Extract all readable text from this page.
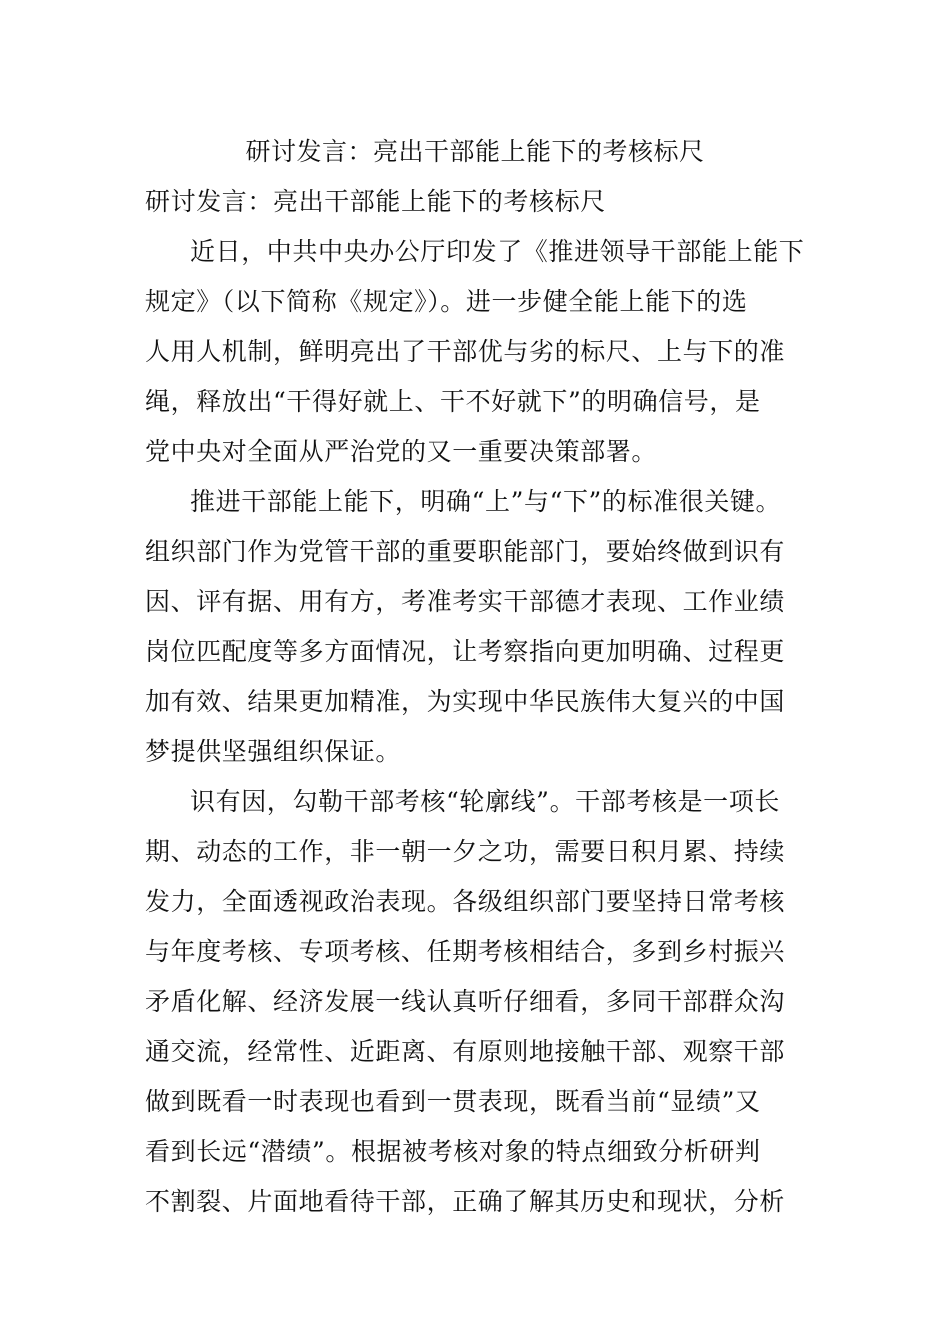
研讨发言：亮出干部能上能下的考核标尺
研讨发言：亮出干部能上能下的考核标尺
近日，中共中央办公厅印发了《推进领导干部能上能下
规定》（以下简称《规定》）。进一步健全能上能下的选
人用人机制，鲜明亮出了干部优与劣的标尺、上与下的准
绳，释放出“干得好就上、干不好就下”的明确信号，是
党中央对全面从严治党的又一重要决策部署。
推进干部能上能下，明确“上”与“下”的标准很关键。
组织部门作为党管干部的重要职能部门，要始终做到识有
因、评有据、用有方，考准考实干部德才表现、工作业绩
岗位匹配度等多方面情况，让考察指向更加明确、过程更
加有效、结果更加精准，为实现中华民族伟大复兴的中国
梦提供坚强组织保证。
识有因，勾勒干部考核“轮廓线”。干部考核是一项长
期、动态的工作，非一朝一夕之功，需要日积月累、持续
发力，全面透视政治表现。各级组织部门要坚持日常考核
与年度考核、专项考核、任期考核相结合，多到乡村振兴
矛盾化解、经济发展一线认真听仔细看，多同干部群众沟
通交流，经常性、近距离、有原则地接触干部、观察干部
做到既看一时表现也看到一贯表现，既看当前“显绩”又
看到长远“潜绩”。根据被考核对象的特点细致分析研判
不割裂、片面地看待干部，正确了解其历史和现状，分析
